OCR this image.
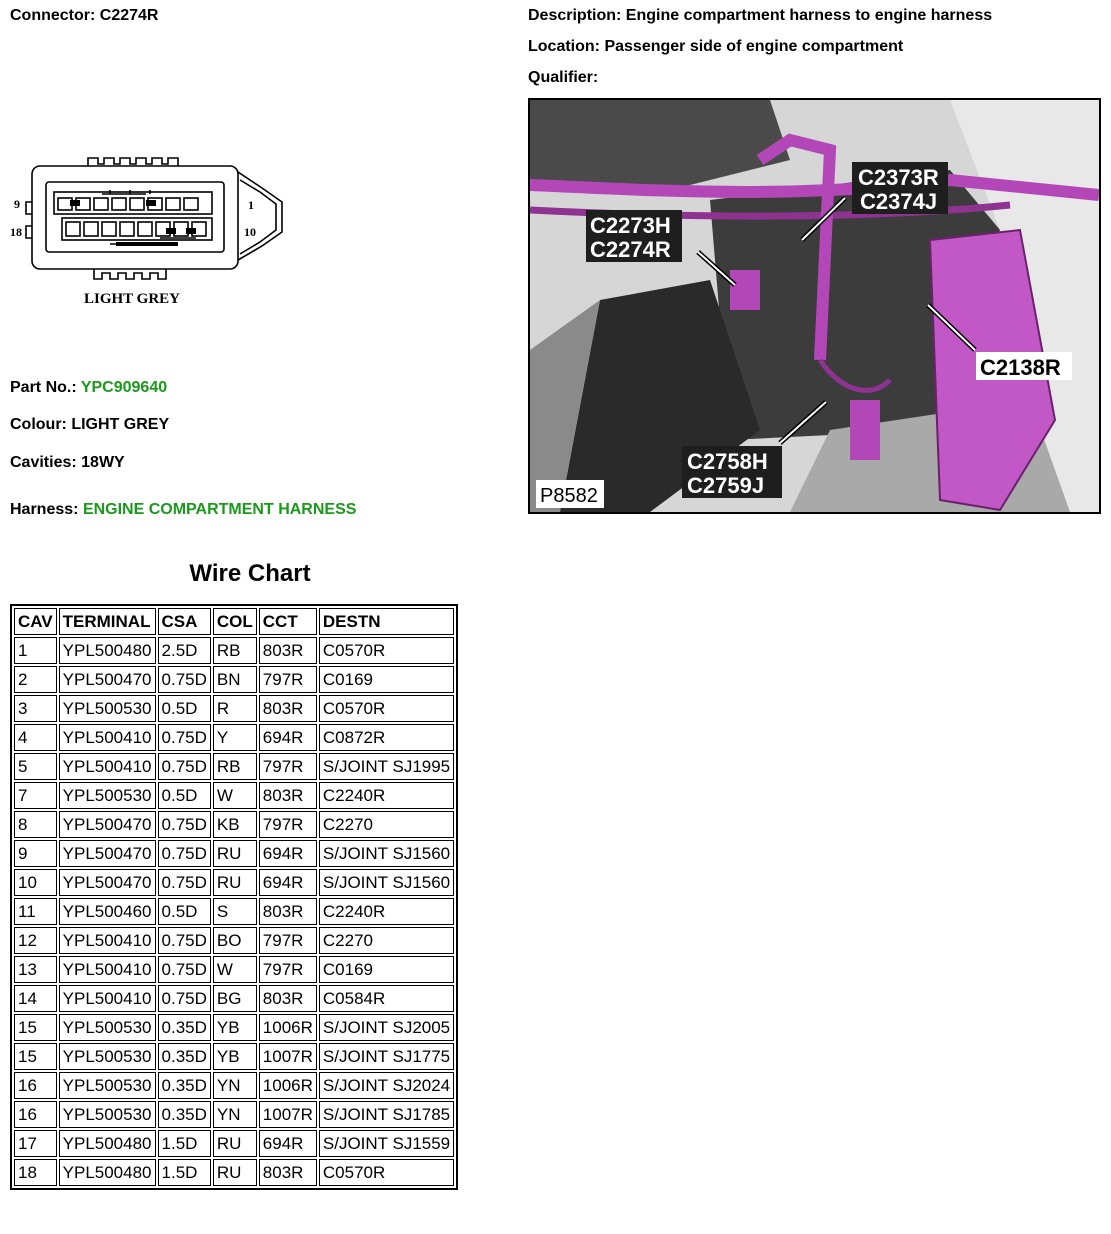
Connector: C2274R	Description: Engine compartment harness to engine harness
Location: Passenger side of engine compartment
Qualifier:
9
18
1
10
LIGHT GREY
C2373R
C2374J
C2273H
C2274R
C2138R
C2758H
C2759J
P8582
Part No.: YPC909640
Colour: LIGHT GREY
Cavities: 18WY
Harness: ENGINE COMPARTMENT HARNESS
Wire Chart
CAV	TERMINAL	CSA	COL	CCT	DESTN
1	YPL500480	2.5D	RB	803R	C0570R
2	YPL500470	0.75D	BN	797R	C0169
3	YPL500530	0.5D	R	803R	C0570R
4	YPL500410	0.75D	Y	694R	C0872R
5	YPL500410	0.75D	RB	797R	S/JOINT SJ1995
7	YPL500530	0.5D	W	803R	C2240R
8	YPL500470	0.75D	KB	797R	C2270
9	YPL500470	0.75D	RU	694R	S/JOINT SJ1560
10	YPL500470	0.75D	RU	694R	S/JOINT SJ1560
11	YPL500460	0.5D	S	803R	C2240R
12	YPL500410	0.75D	BO	797R	C2270
13	YPL500410	0.75D	W	797R	C0169
14	YPL500410	0.75D	BG	803R	C0584R
15	YPL500530	0.35D	YB	1006R	S/JOINT SJ2005
15	YPL500530	0.35D	YB	1007R	S/JOINT SJ1775
16	YPL500530	0.35D	YN	1006R	S/JOINT SJ2024
16	YPL500530	0.35D	YN	1007R	S/JOINT SJ1785
17	YPL500480	1.5D	RU	694R	S/JOINT SJ1559
18	YPL500480	1.5D	RU	803R	C0570R
